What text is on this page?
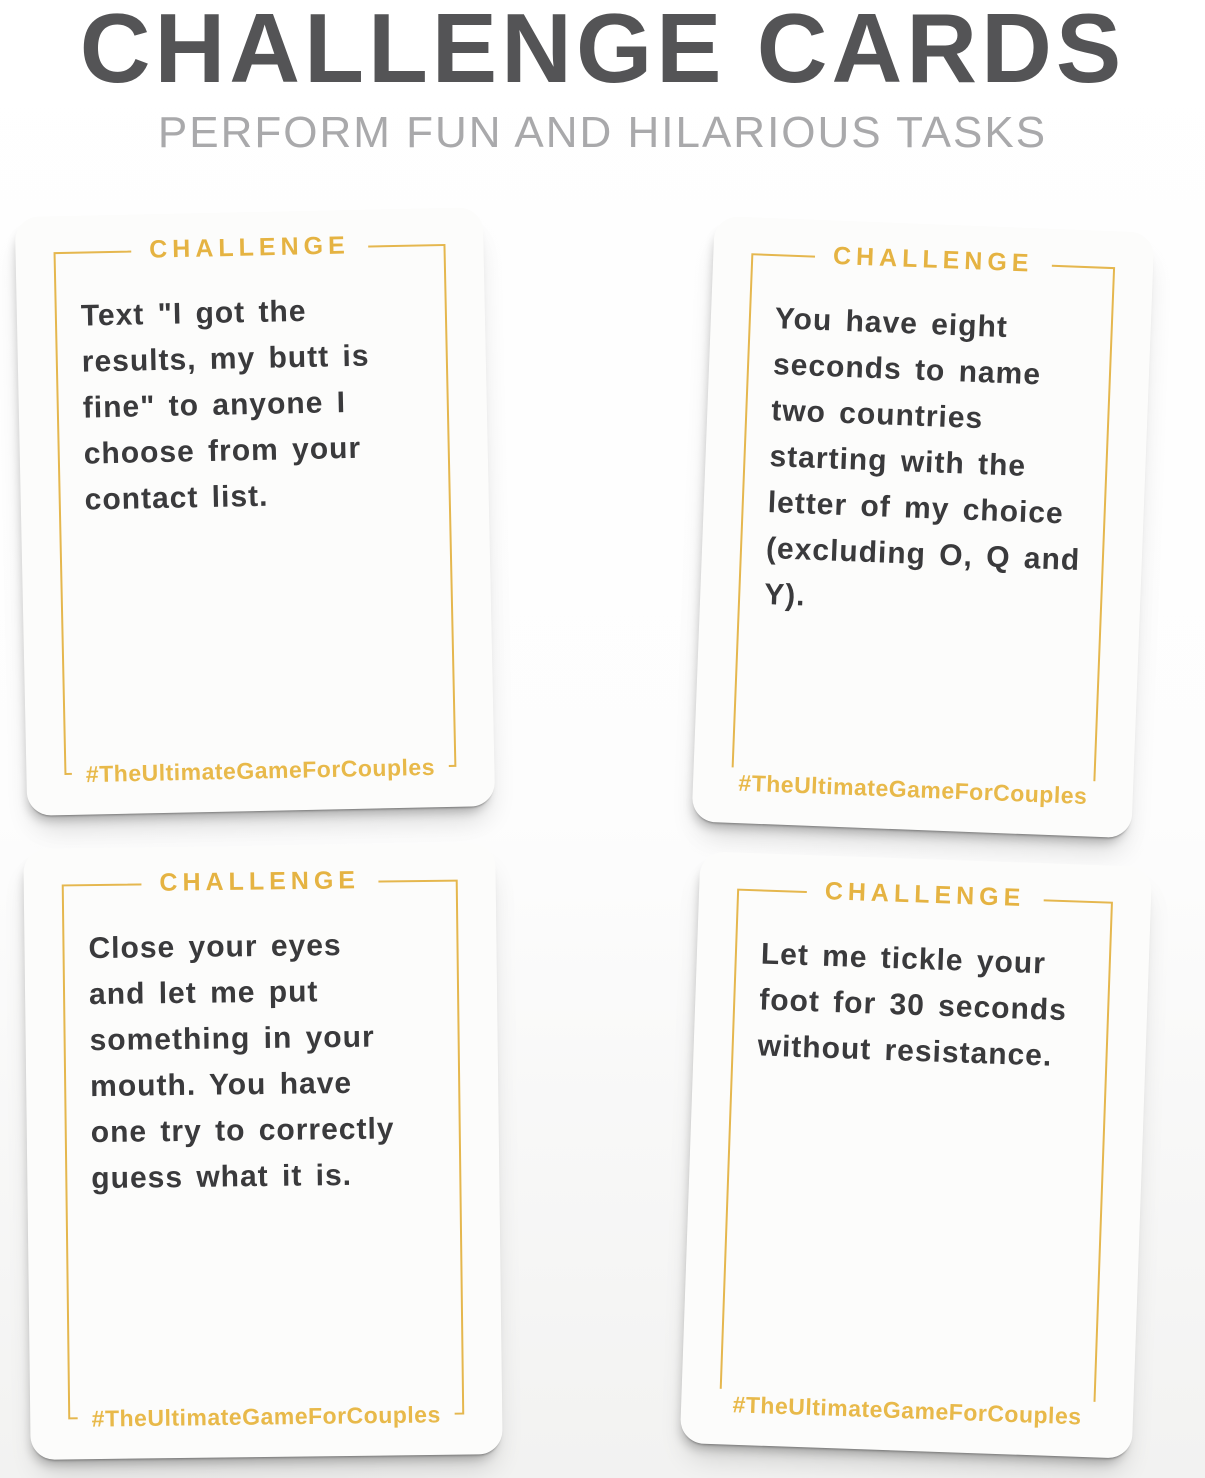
CHALLENGE CARDS
PERFORM FUN AND HILARIOUS TASKS
CHALLENGE
Text "I got the
results, my butt is
fine" to anyone I
choose from your
contact list.
#TheUltimateGameForCouples
CHALLENGE
You have eight
seconds to name
two countries
starting with the
letter of my choice
(excluding O, Q and
Y).
#TheUltimateGameForCouples
CHALLENGE
Close your eyes
and let me put
something in your
mouth. You have
one try to correctly
guess what it is.
#TheUltimateGameForCouples
CHALLENGE
Let me tickle your
foot for 30 seconds
without resistance.
#TheUltimateGameForCouples
